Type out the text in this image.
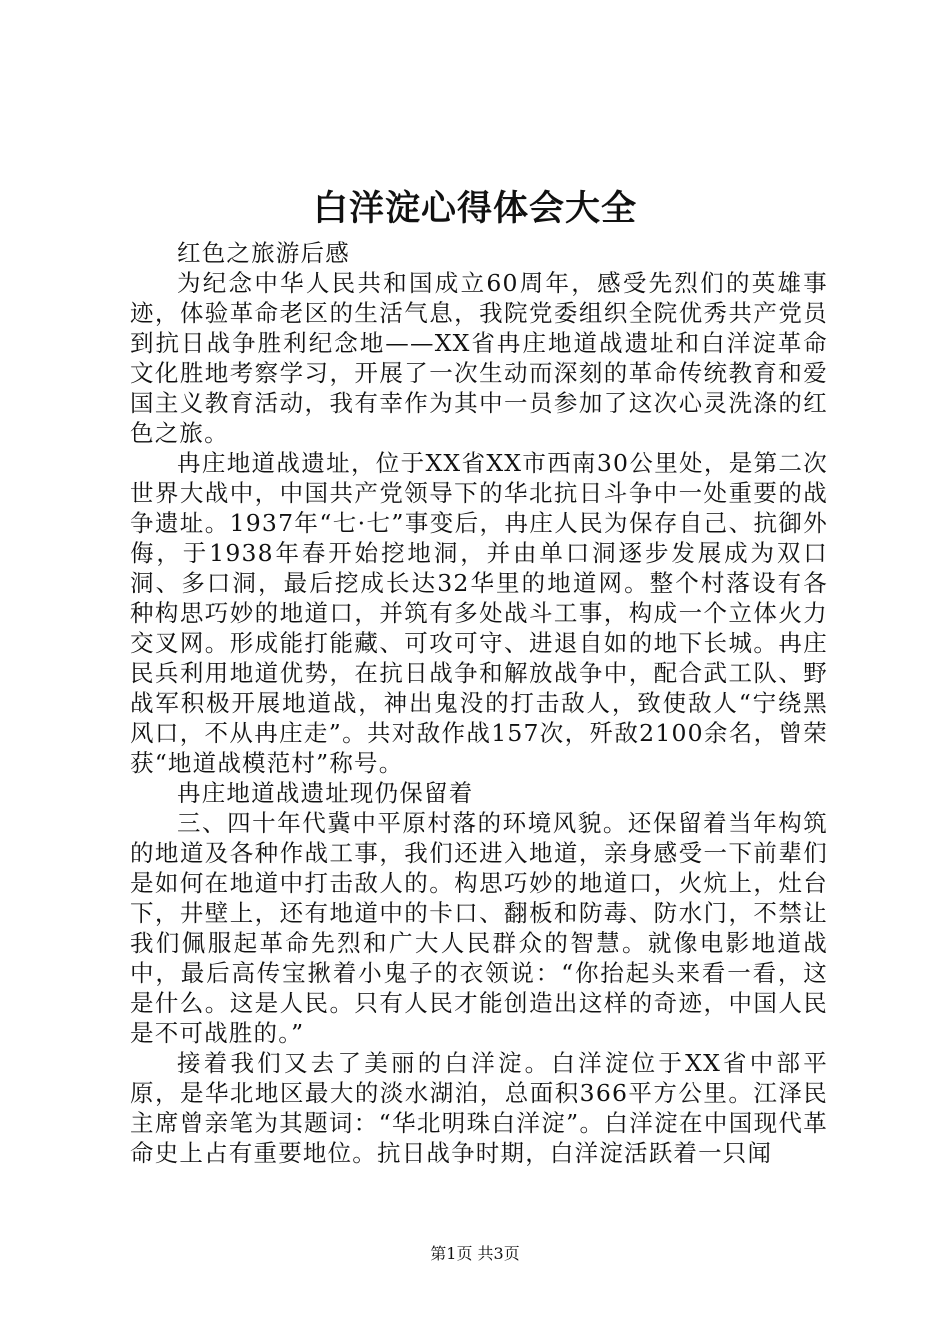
白洋淀心得体会大全

红色之旅游后感

为纪念中华人民共和国成立60周年，感受先烈们的英雄事迹，体验革命老区的生活气息，我院党委组织全院优秀共产党员到抗日战争胜利纪念地——XX省冉庄地道战遗址和白洋淀革命文化胜地考察学习，开展了一次生动而深刻的革命传统教育和爱国主义教育活动，我有幸作为其中一员参加了这次心灵洗涤的红色之旅。

冉庄地道战遗址，位于XX省XX市西南30公里处，是第二次世界大战中，中国共产党领导下的华北抗日斗争中一处重要的战争遗址。1937年“七·七”事变后，冉庄人民为保存自己、抗御外侮，于1938年春开始挖地洞，并由单口洞逐步发展成为双口洞、多口洞，最后挖成长达32华里的地道网。整个村落设有各种构思巧妙的地道口，并筑有多处战斗工事，构成一个立体火力交叉网。形成能打能藏、可攻可守、进退自如的地下长城。冉庄民兵利用地道优势，在抗日战争和解放战争中，配合武工队、野战军积极开展地道战，神出鬼没的打击敌人，致使敌人“宁绕黑风口，不从冉庄走”。共对敌作战157次，歼敌2100余名，曾荣获“地道战模范村”称号。

冉庄地道战遗址现仍保留着

三、四十年代冀中平原村落的环境风貌。还保留着当年构筑的地道及各种作战工事，我们还进入地道，亲身感受一下前辈们是如何在地道中打击敌人的。构思巧妙的地道口，火炕上，灶台下，井壁上，还有地道中的卡口、翻板和防毒、防水门，不禁让我们佩服起革命先烈和广大人民群众的智慧。就像电影地道战中，最后高传宝揪着小鬼子的衣领说：“你抬起头来看一看，这是什么。这是人民。只有人民才能创造出这样的奇迹，中国人民是不可战胜的。”

接着我们又去了美丽的白洋淀。白洋淀位于XX省中部平原，是华北地区最大的淡水湖泊，总面积366平方公里。江泽民主席曾亲笔为其题词：“华北明珠白洋淀”。白洋淀在中国现代革命史上占有重要地位。抗日战争时期，白洋淀活跃着一只闻

第1页 共3页
